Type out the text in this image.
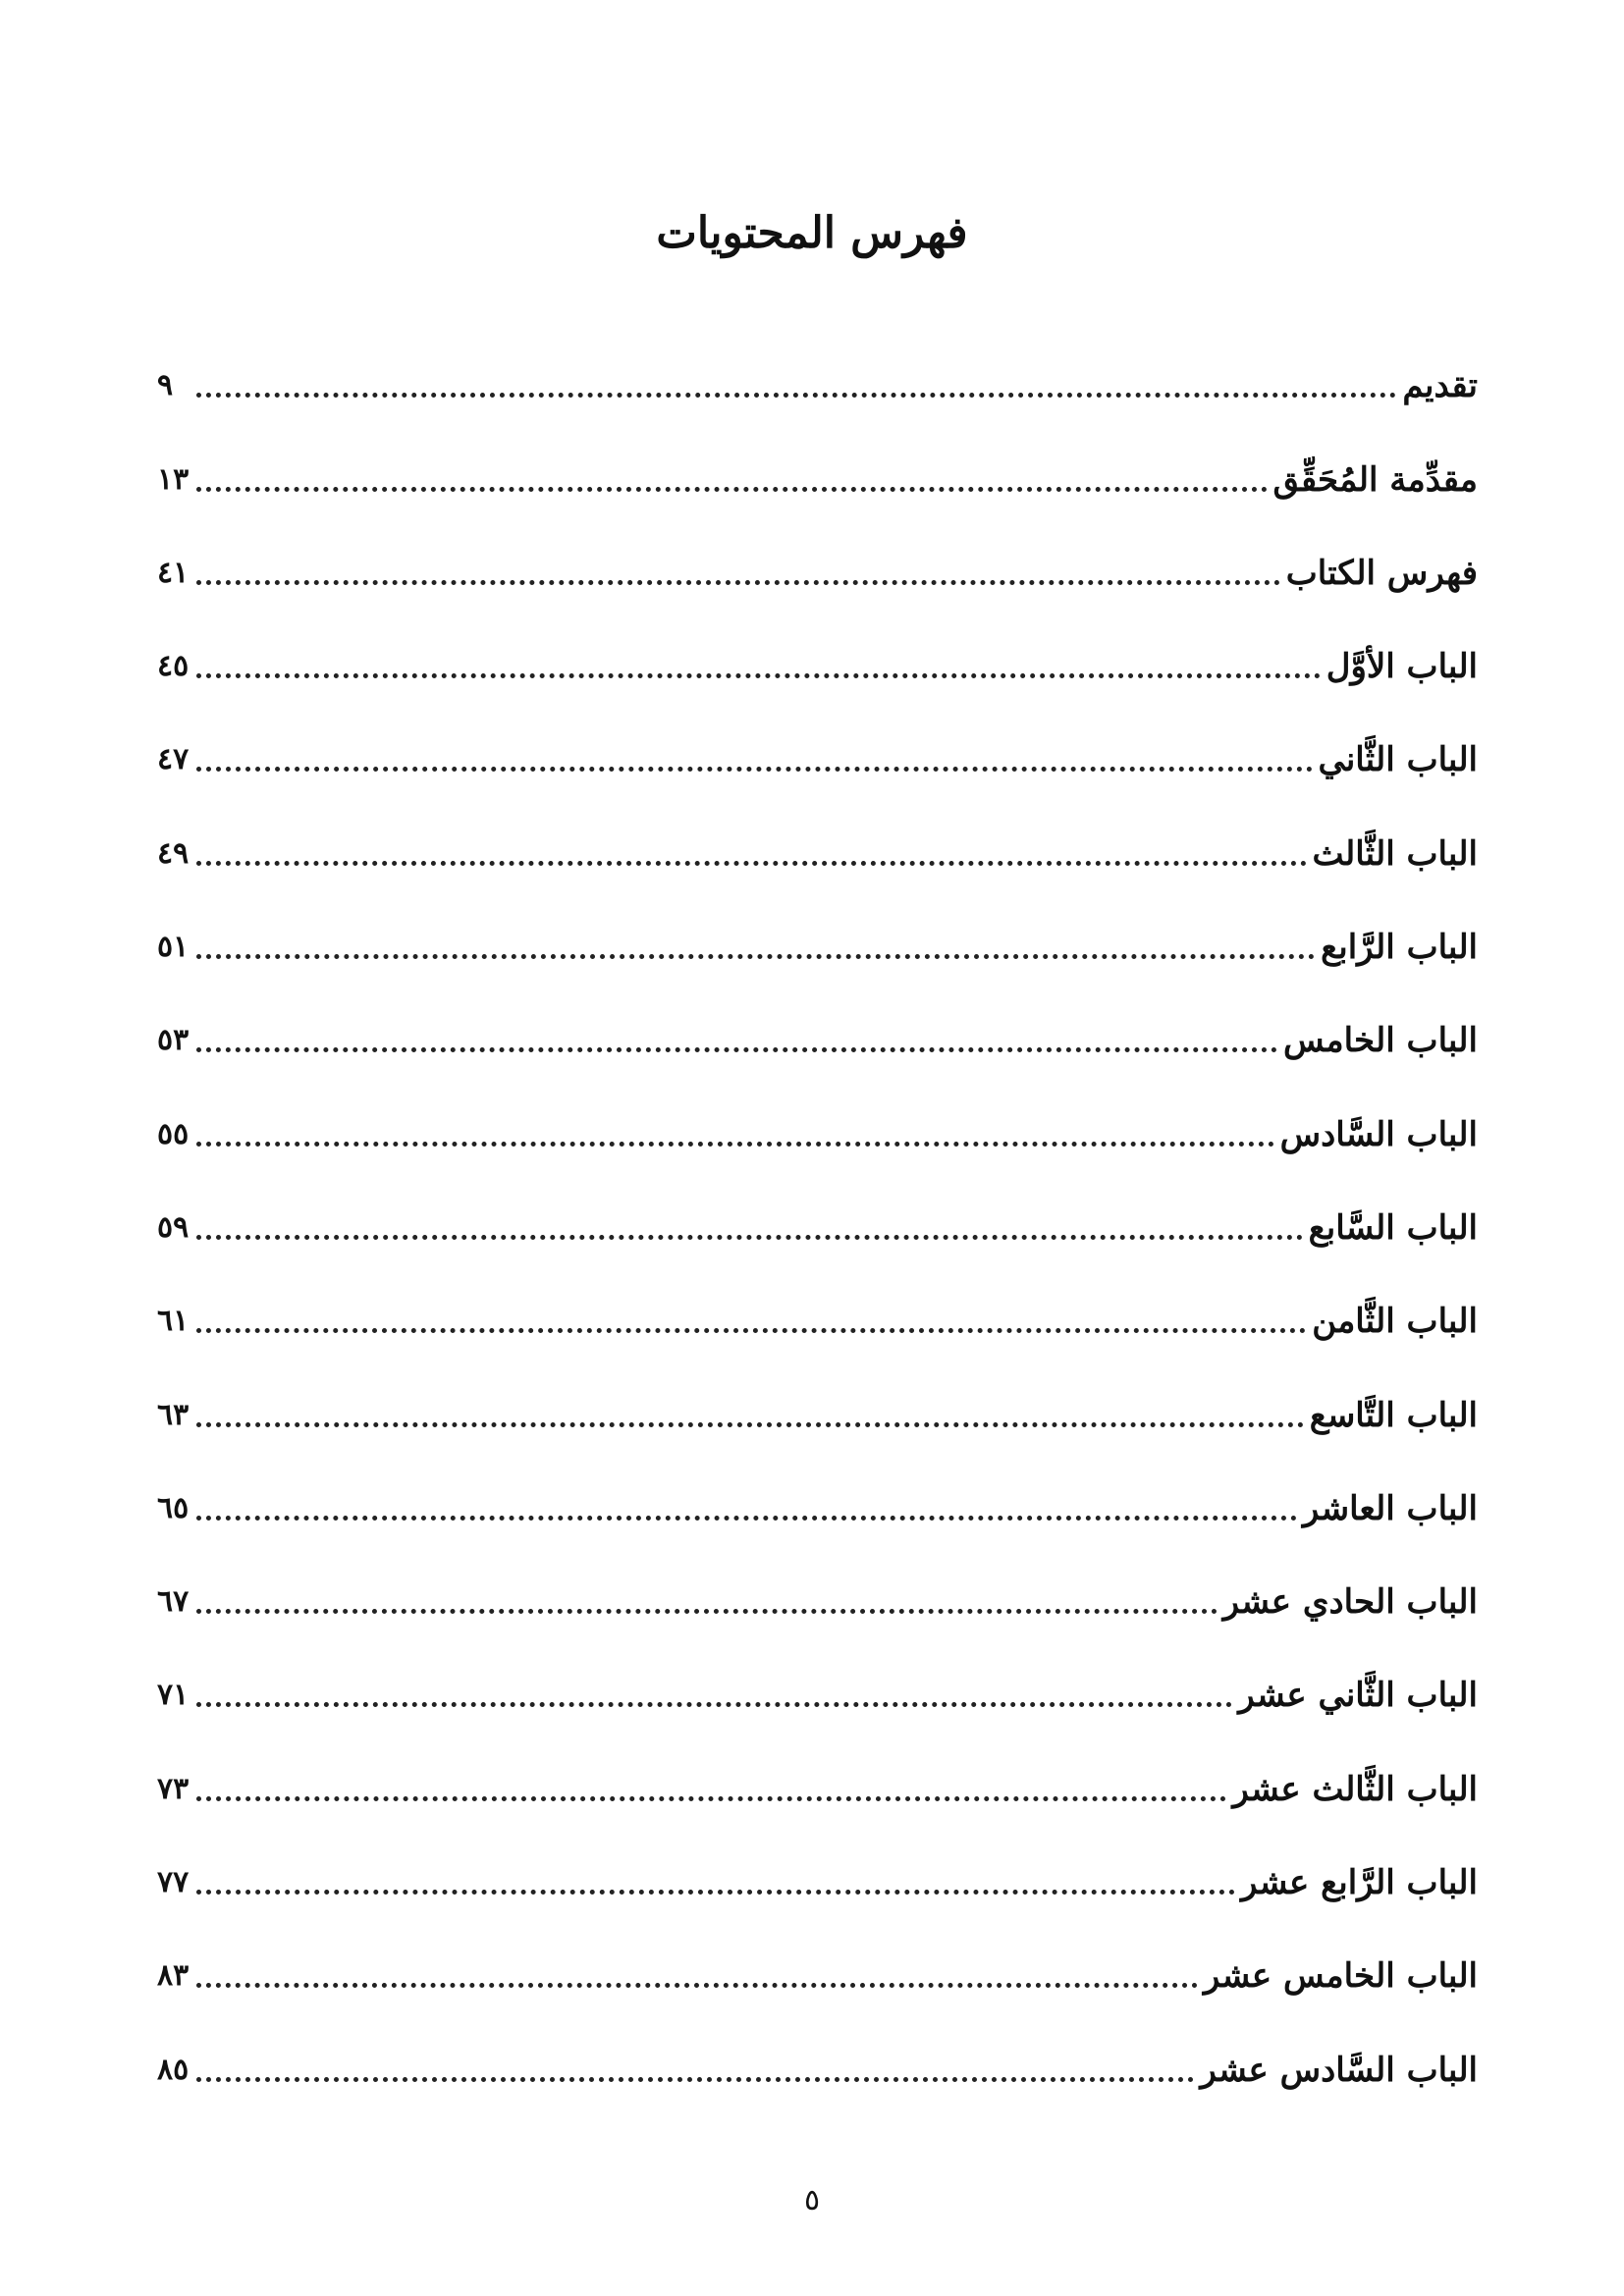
فهرس المحتويات
تقديم
٩
مقدِّمة المُحَقِّق
١٣
فهرس الكتاب
٤١
الباب الأوَّل
٤٥
الباب الثَّاني
٤٧
الباب الثَّالث
٤٩
الباب الرَّابع
٥١
الباب الخامس
٥٣
الباب السَّادس
٥٥
الباب السَّابع
٥٩
الباب الثَّامن
٦١
الباب التَّاسع
٦٣
الباب العاشر
٦٥
الباب الحادي عشر
٦٧
الباب الثَّاني عشر
٧١
الباب الثَّالث عشر
٧٣
الباب الرَّابع عشر
٧٧
الباب الخامس عشر
٨٣
الباب السَّادس عشر
٨٥
٥
